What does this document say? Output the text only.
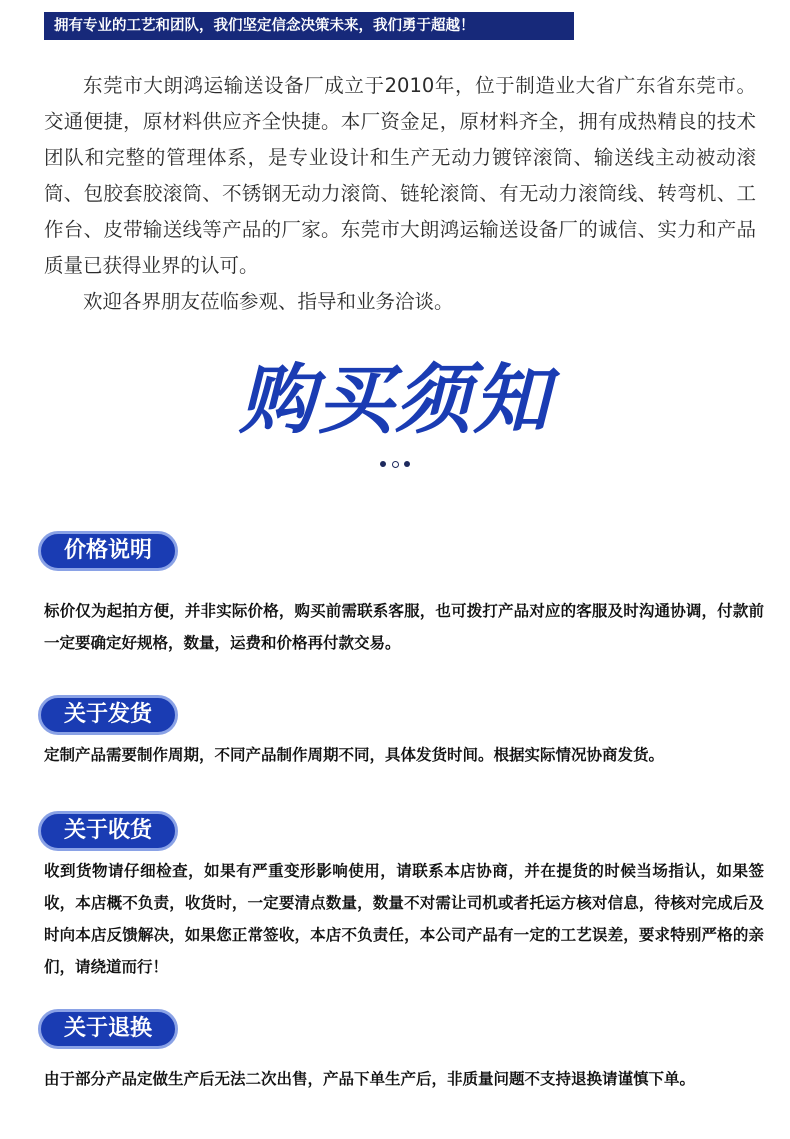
拥有专业的工艺和团队，我们坚定信念决策未来，我们勇于超越！

东莞市大朗鸿运输送设备厂成立于2010年，位于制造业大省广东省东莞市。交通便捷，原材料供应齐全快捷。本厂资金足，原材料齐全，拥有成热精良的技术团队和完整的管理体系，是专业设计和生产无动力镀锌滚筒、输送线主动被动滚筒、包胶套胶滚筒、不锈钢无动力滚筒、链轮滚筒、有无动力滚筒线、转弯机、工作台、皮带输送线等产品的厂家。东莞市大朗鸿运输送设备厂的诚信、实力和产品质量已获得业界的认可。

欢迎各界朋友莅临参观、指导和业务洽谈。

购买须知
价格说明
标价仅为起拍方便，并非实际价格，购买前需联系客服，也可拨打产品对应的客服及时沟通协调，付款前一定要确定好规格，数量，运费和价格再付款交易。
关于发货
定制产品需要制作周期，不同产品制作周期不同，具体发货时间。根据实际情况协商发货。
关于收货
收到货物请仔细检查，如果有严重变形影响使用，请联系本店协商，并在提货的时候当场指认，如果签收，本店概不负责，收货时，一定要清点数量，数量不对需让司机或者托运方核对信息，待核对完成后及时向本店反馈解决，如果您正常签收，本店不负责任，本公司产品有一定的工艺误差，要求特别严格的亲们，请绕道而行！
关于退换
由于部分产品定做生产后无法二次出售，产品下单生产后，非质量问题不支持退换请谨慎下单。
